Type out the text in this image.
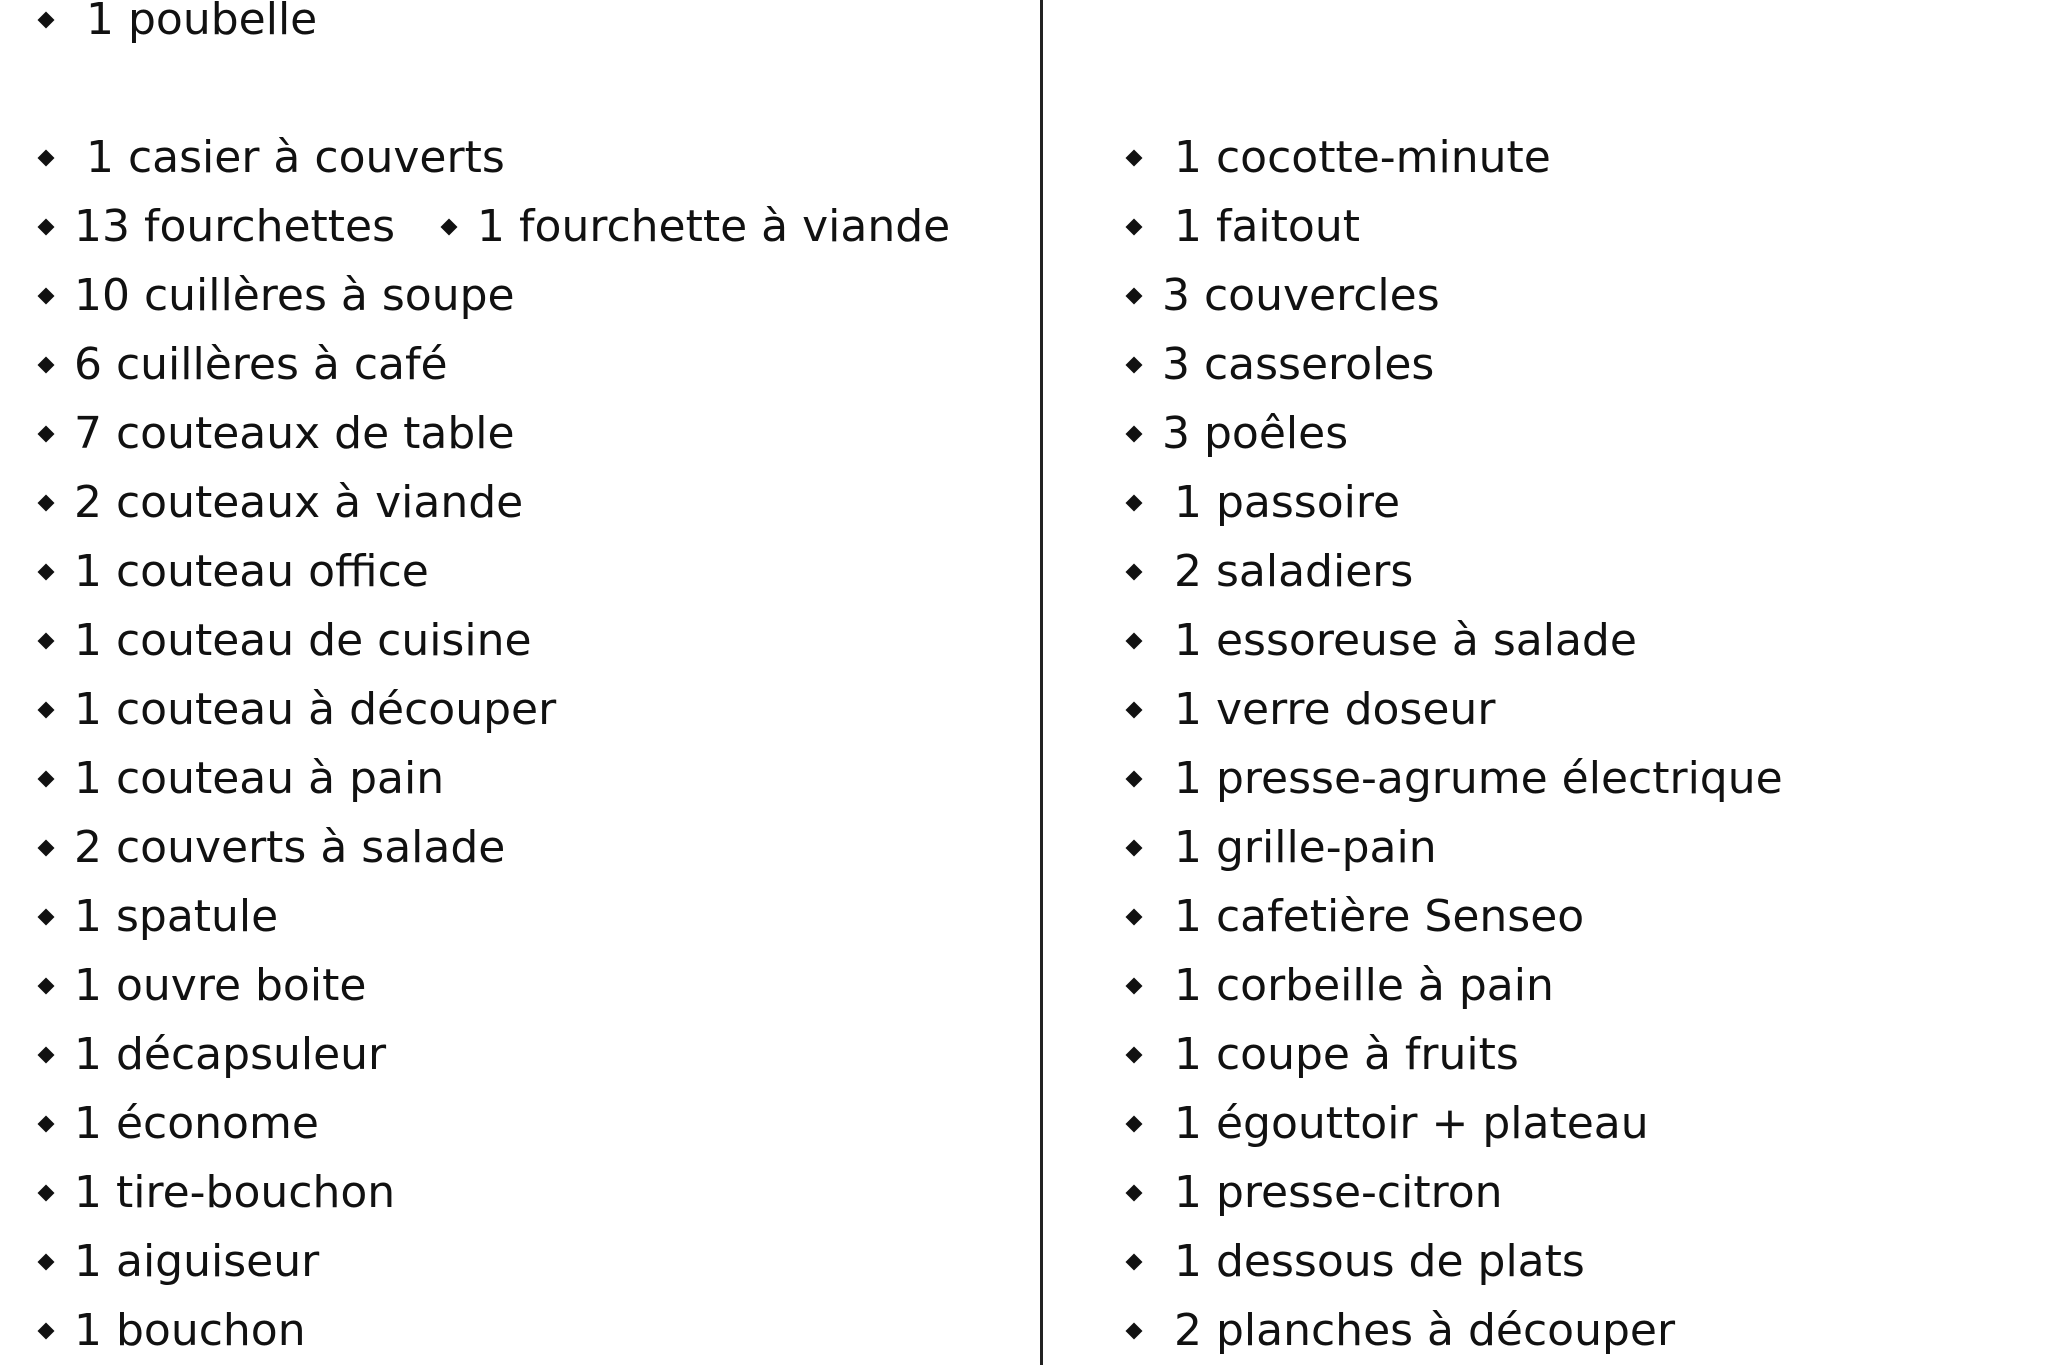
1 poubelle
1 casier à couverts
13 fourchettes 1 fourchette à viande
10 cuillères à soupe
6 cuillères à café
7 couteaux de table
2 couteaux à viande
1 couteau office
1 couteau de cuisine
1 couteau à découper
1 couteau à pain
2 couverts à salade
1 spatule
1 ouvre boite
1 décapsuleur
1 économe
1 tire-bouchon
1 aiguiseur
1 bouchon
1 cocotte-minute
1 faitout
3 couvercles
3 casseroles
3 poêles
1 passoire
2 saladiers
1 essoreuse à salade
1 verre doseur
1 presse-agrume électrique
1 grille-pain
1 cafetière Senseo
1 corbeille à pain
1 coupe à fruits
1 égouttoir + plateau
1 presse-citron
1 dessous de plats
2 planches à découper
